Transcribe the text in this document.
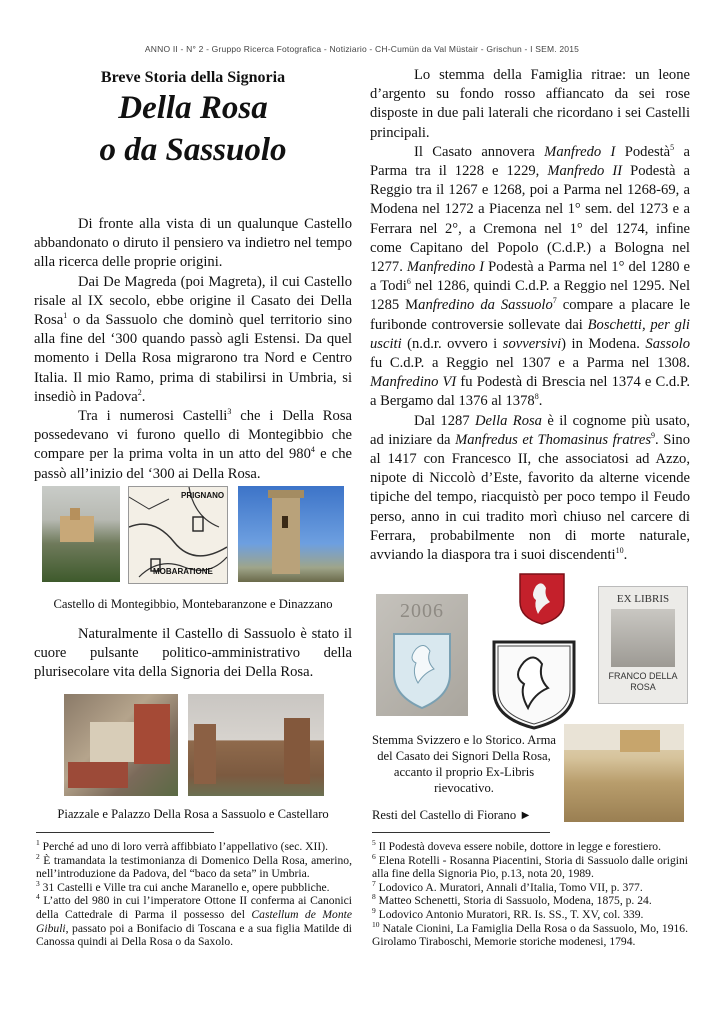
ANNO II - N° 2 - Gruppo Ricerca Fotografica - Notiziario - CH-Cumün da Val Müstair - Grischun - I SEM. 2015
Breve Storia della Signoria
Della Rosa
o da Sassuolo

Di fronte alla vista di un qualunque Castello abbandonato o diruto il pensiero va indietro nel tempo alla ricerca delle proprie origini.

Dai De Magreda (poi Magreta), il cui Castello risale al IX secolo, ebbe origine il Casato dei Della Rosa$^1$ o da Sassuolo che dominò quel territorio sino alla fine del ‘300 quando passò agli Estensi. Da quel momento i Della Rosa migrarono tra Nord e Centro Italia. Il mio Ramo, prima di stabilirsi in Umbria, si insediò in Padova$^2$.

Tra i numerosi Castelli$^3$ che i Della Rosa possedevano vi furono quello di Montegibbio che compare per la prima volta in un atto del $980^4$ e che passò all’inizio del ‘300 ai Della Rosa.

PRIGNANO
MOBARATIONE
Castello di Montegibbio, Montebaranzone e Dinazzano

Naturalmente il Castello di Sassuolo è stato il cuore pulsante politico-amministrativo della plurisecolare vita della Signoria dei Della Rosa.

Piazzale e Palazzo Della Rosa a Sassuolo e Castellaro

Lo stemma della Famiglia ritrae: un leone d’argento su fondo rosso affiancato da sei rose disposte in due pali laterali che ricordano i sei Castelli principali.

Il Casato annovera Manfredo I Podestà$^5$ a Parma tra il 1228 e 1229, Manfredo II Podestà a Reggio tra il 1267 e 1268, poi a Parma nel 1268-69, a Modena nel 1272 a Piacenza nel 1° sem. del 1273 e a Ferrara nel 2°, a Cremona nel 1° del 1274, infine come Capitano del Popolo (C.d.P.) a Bologna nel 1277. Manfredino I Podestà a Parma nel 1° del 1280 e a Todi$^6$ nel 1286, quindi C.d.P. a Reggio nel 1295. Nel 1285 Manfredino da Sassuolo$^7$ compare a placare le furibonde controversie sollevate dai Boschetti, per gli usciti (n.d.r. ovvero i sovversivi) in Modena. Sassolo fu C.d.P. a Reggio nel 1307 e a Parma nel 1308. Manfredino VI fu Podestà di Brescia nel 1374 e C.d.P. a Bergamo dal 1376 al 1378$^8$.

Dal 1287 Della Rosa è il cognome più usato, ad iniziare da Manfredus et Thomasinus fratres$^9$. Sino al 1417 con Francesco II, che associatosi ad Azzo, nipote di Niccolò d’Este, favorito da alterne vicende tipiche del tempo, riacquistò per poco tempo il Feudo perso, anno in cui tradito morì chiuso nel carcere di Ferrara, probabilmente non di morte naturale, avviando la diaspora tra i suoi discendenti$^{10}$.

2006
EX LIBRIS
FRANCO DELLA ROSA
Stemma Svizzero e lo Storico. Arma del Casato dei Signori Della Rosa, accanto il proprio Ex-Libris rievocativo.
Resti del Castello di Fiorano ►

$^1$ Perché ad uno di loro verrà affibbiato l’appellativo (sec. XII).

$^2$ È tramandata la testimonianza di Domenico Della Rosa, amerino, nell’introduzione da Padova, del “baco da seta” in Umbria.

$^3$ 31 Castelli e Ville tra cui anche Maranello e, opere pubbliche.

$^4$ L’atto del 980 in cui l’imperatore Ottone II conferma ai Canonici della Cattedrale di Parma il possesso del Castellum de Monte Gibuli, passato poi a Bonifacio di Toscana e a sua figlia Matilde di Canossa quindi ai Della Rosa o da Saxolo.

$^5$ Il Podestà doveva essere nobile, dottore in legge e forestiero.

$^6$ Elena Rotelli - Rosanna Piacentini, Storia di Sassuolo dalle origini alla fine della Signoria Pio, p.13, nota 20, 1989.

$^7$ Lodovico A. Muratori, Annali d’Italia, Tomo VII, p. 377.

$^8$ Matteo Schenetti, Storia di Sassuolo, Modena, 1875, p. 24.

$^9$ Lodovico Antonio Muratori, RR. Is. SS., T. XV, col. 339.

$^{10}$ Natale Cionini, La Famiglia Della Rosa o da Sassuolo, Mo, 1916. Girolamo Tiraboschi, Memorie storiche modenesi, 1794.
